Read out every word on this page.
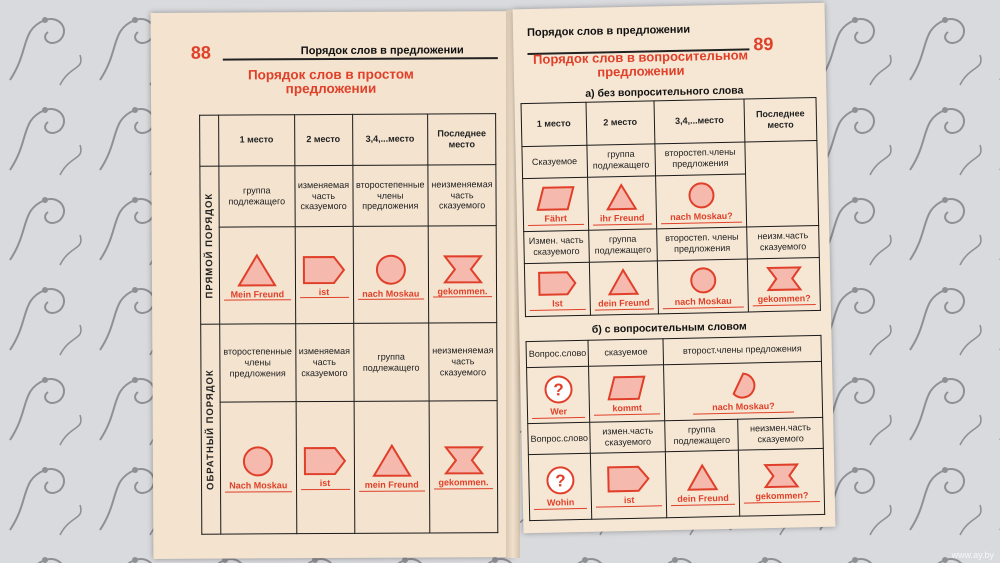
88	Порядок слов в предложении
Порядок слов в простом предложении
	1 место	2 место	3,4,...место	Последнее место

ПРЯМОЙ ПОРЯДОК	группа подлежащего	изменяемая часть сказуемого	второстепенные члены предложения	неизменяемая часть сказуемого

	Mein Freund	ist	nach Moskau	gekommen.

ОБРАТНЫЙ ПОРЯДОК	второстепенные члены предложения	изменяемая часть сказуемого	группа подлежащего	неизменяемая часть сказуемого

	Nach Moskau	ist	mein Freund	gekommen.
Порядок слов в предложении
89
Порядок слов в вопросительном предложении
а) без вопросительного слова
1 место	2 место	3,4,...место	Последнее место
Сказуемое	группа подлежащего	второстеп.члены предложения	

Fährt	ihr Freund	nach Moskau?	

Измен. часть сказуемого	группа подлежащего	второстеп. члены предложения	неизм.часть сказуемого

Ist	dein Freund	nach Moskau	gekommen?
б) с вопросительным словом
Вопрос.слово	сказуемое	второст.члены предложения	

?
Wer	kommt	nach Moskau?	

Вопрос.слово	измен.часть сказуемого	группа подлежащего	неизмен.часть сказуемого

?
Wohin	ist	dein Freund	gekommen?
www.ay.by
